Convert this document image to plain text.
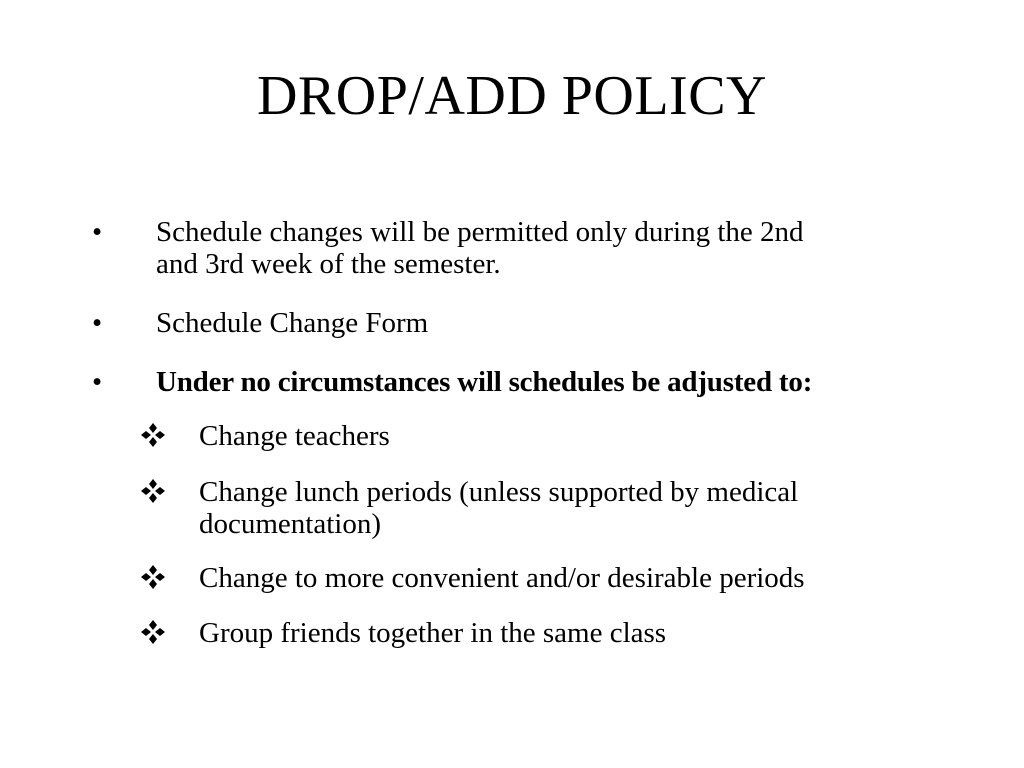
DROP/ADD POLICY
• Schedule changes will be permitted only during the 2nd
and 3rd week of the semester.
• Schedule Change Form
• Under no circumstances will schedules be adjusted to:
Change teachers
Change lunch periods (unless supported by medical
documentation)
Change to more convenient and/or desirable periods
Group friends together in the same class
